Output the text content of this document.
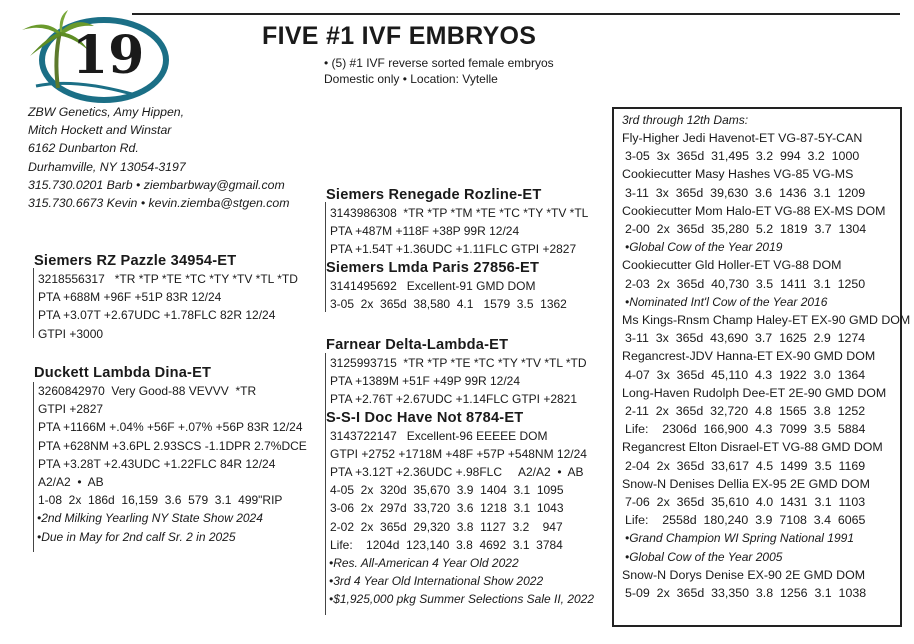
19	FIVE #1 IVF EMBRYOS
• (5) #1 IVF reverse sorted female embryos
Domestic only • Location: Vytelle
ZBW Genetics, Amy Hippen,
Mitch Hockett and Winstar
6162 Dunbarton Rd.
Durhamville, NY 13054-3197
315.730.0201 Barb • ziembarbway@gmail.com
315.730.6673 Kevin • kevin.ziemba@stgen.com
Siemers RZ Pazzle 34954-ET
3218556317   *TR *TP *TE *TC *TY *TV *TL *TD
PTA +688M +96F +51P 83R 12/24
PTA +3.07T +2.67UDC +1.78FLC 82R 12/24
GTPI +3000
Duckett Lambda Dina-ET
3260842970  Very Good-88 VEVVV  *TR
GTPI +2827
PTA +1166M +.04% +56F +.07% +56P 83R 12/24
PTA +628NM +3.6PL 2.93SCS -1.1DPR 2.7%DCE
PTA +3.28T +2.43UDC +1.22FLC 84R 12/24
A2/A2  •  AB
1-08  2x  186d  16,159  3.6  579  3.1  499"RIP
•2nd Milking Yearling NY State Show 2024
•Due in May for 2nd calf Sr. 2 in 2025
Siemers Renegade Rozline-ET
3143986308  *TR *TP *TM *TE *TC *TY *TV *TL
PTA +487M +118F +38P 99R 12/24
PTA +1.54T +1.36UDC +1.11FLC GTPI +2827
Siemers Lmda Paris 27856-ET
3141495692   Excellent-91 GMD DOM
3-05  2x  365d  38,580  4.1   1579  3.5  1362
Farnear Delta-Lambda-ET
3125993715  *TR *TP *TE *TC *TY *TV *TL *TD
PTA +1389M +51F +49P 99R 12/24
PTA +2.76T +2.67UDC +1.14FLC GTPI +2821
S-S-I Doc Have Not 8784-ET
3143722147   Excellent-96 EEEEE DOM
GTPI +2752 +1718M +48F +57P +548NM 12/24
PTA +3.12T +2.36UDC +.98FLC     A2/A2  •  AB
4-05  2x  320d  35,670  3.9  1404  3.1  1095
3-06  2x  297d  33,720  3.6  1218  3.1  1043
2-02  2x  365d  29,320  3.8  1127  3.2    947
Life:    1204d  123,140  3.8  4692  3.1  3784
•Res. All-American 4 Year Old 2022
•3rd 4 Year Old International Show 2022
•$1,925,000 pkg Summer Selections Sale II, 2022
3rd through 12th Dams:
Fly-Higher Jedi Havenot-ET VG-87-5Y-CAN
3-05  3x  365d  31,495  3.2  994  3.2  1000
Cookiecutter Masy Hashes VG-85 VG-MS
3-11  3x  365d  39,630  3.6  1436  3.1  1209
Cookiecutter Mom Halo-ET VG-88 EX-MS DOM
2-00  2x  365d  35,280  5.2  1819  3.7  1304
•Global Cow of the Year 2019
Cookiecutter Gld Holler-ET VG-88 DOM
2-03  2x  365d  40,730  3.5  1411  3.1  1250
•Nominated Int'l Cow of the Year 2016
Ms Kings-Rnsm Champ Haley-ET EX-90 GMD DOM
3-11  3x  365d  43,690  3.7  1625  2.9  1274
Regancrest-JDV Hanna-ET EX-90 GMD DOM
4-07  3x  365d  45,110  4.3  1922  3.0  1364
Long-Haven Rudolph Dee-ET 2E-90 GMD DOM
2-11  2x  365d  32,720  4.8  1565  3.8  1252
Life:    2306d  166,900  4.3  7099  3.5  5884
Regancrest Elton Disrael-ET VG-88 GMD DOM
2-04  2x  365d  33,617  4.5  1499  3.5  1169
Snow-N Denises Dellia EX-95 2E GMD DOM
7-06  2x  365d  35,610  4.0  1431  3.1  1103
Life:    2558d  180,240  3.9  7108  3.4  6065
•Grand Champion WI Spring National 1991
•Global Cow of the Year 2005
Snow-N Dorys Denise EX-90 2E GMD DOM
5-09  2x  365d  33,350  3.8  1256  3.1  1038
